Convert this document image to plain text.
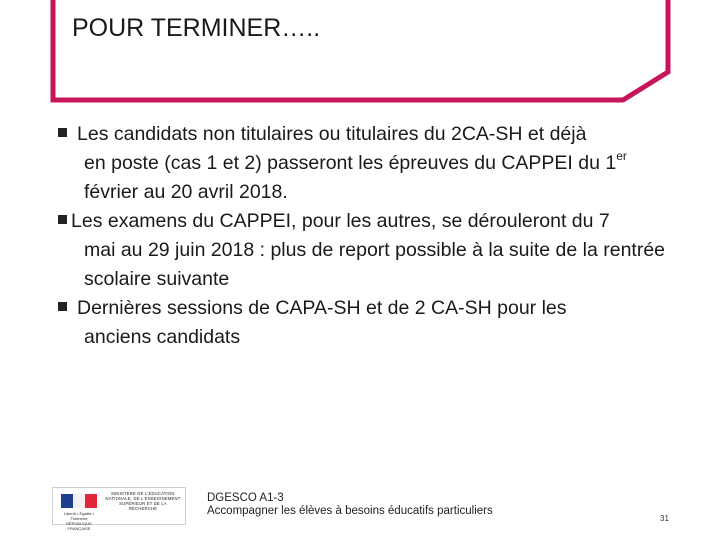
POUR TERMINER…..

Les candidats non titulaires ou titulaires du 2CA-SH et déjà
en poste (cas 1 et 2) passeront les épreuves du CAPPEI du 1er
février au 20 avril 2018.

Les examens du CAPPEI, pour les autres, se dérouleront du 7
mai au 29 juin 2018 : plus de report possible à la suite de la rentrée scolaire suivante

Dernières sessions de CAPA-SH et de 2 CA-SH pour les
anciens candidats

Liberté • Égalité • Fraternité RÉPUBLIQUE FRANÇAISE
MINISTÈRE DE L'ÉDUCATION NATIONALE, DE L'ENSEIGNEMENT SUPÉRIEUR ET DE LA RECHERCHE
DGESCO A1-3
Accompagner les élèves à besoins éducatifs particuliers
31
